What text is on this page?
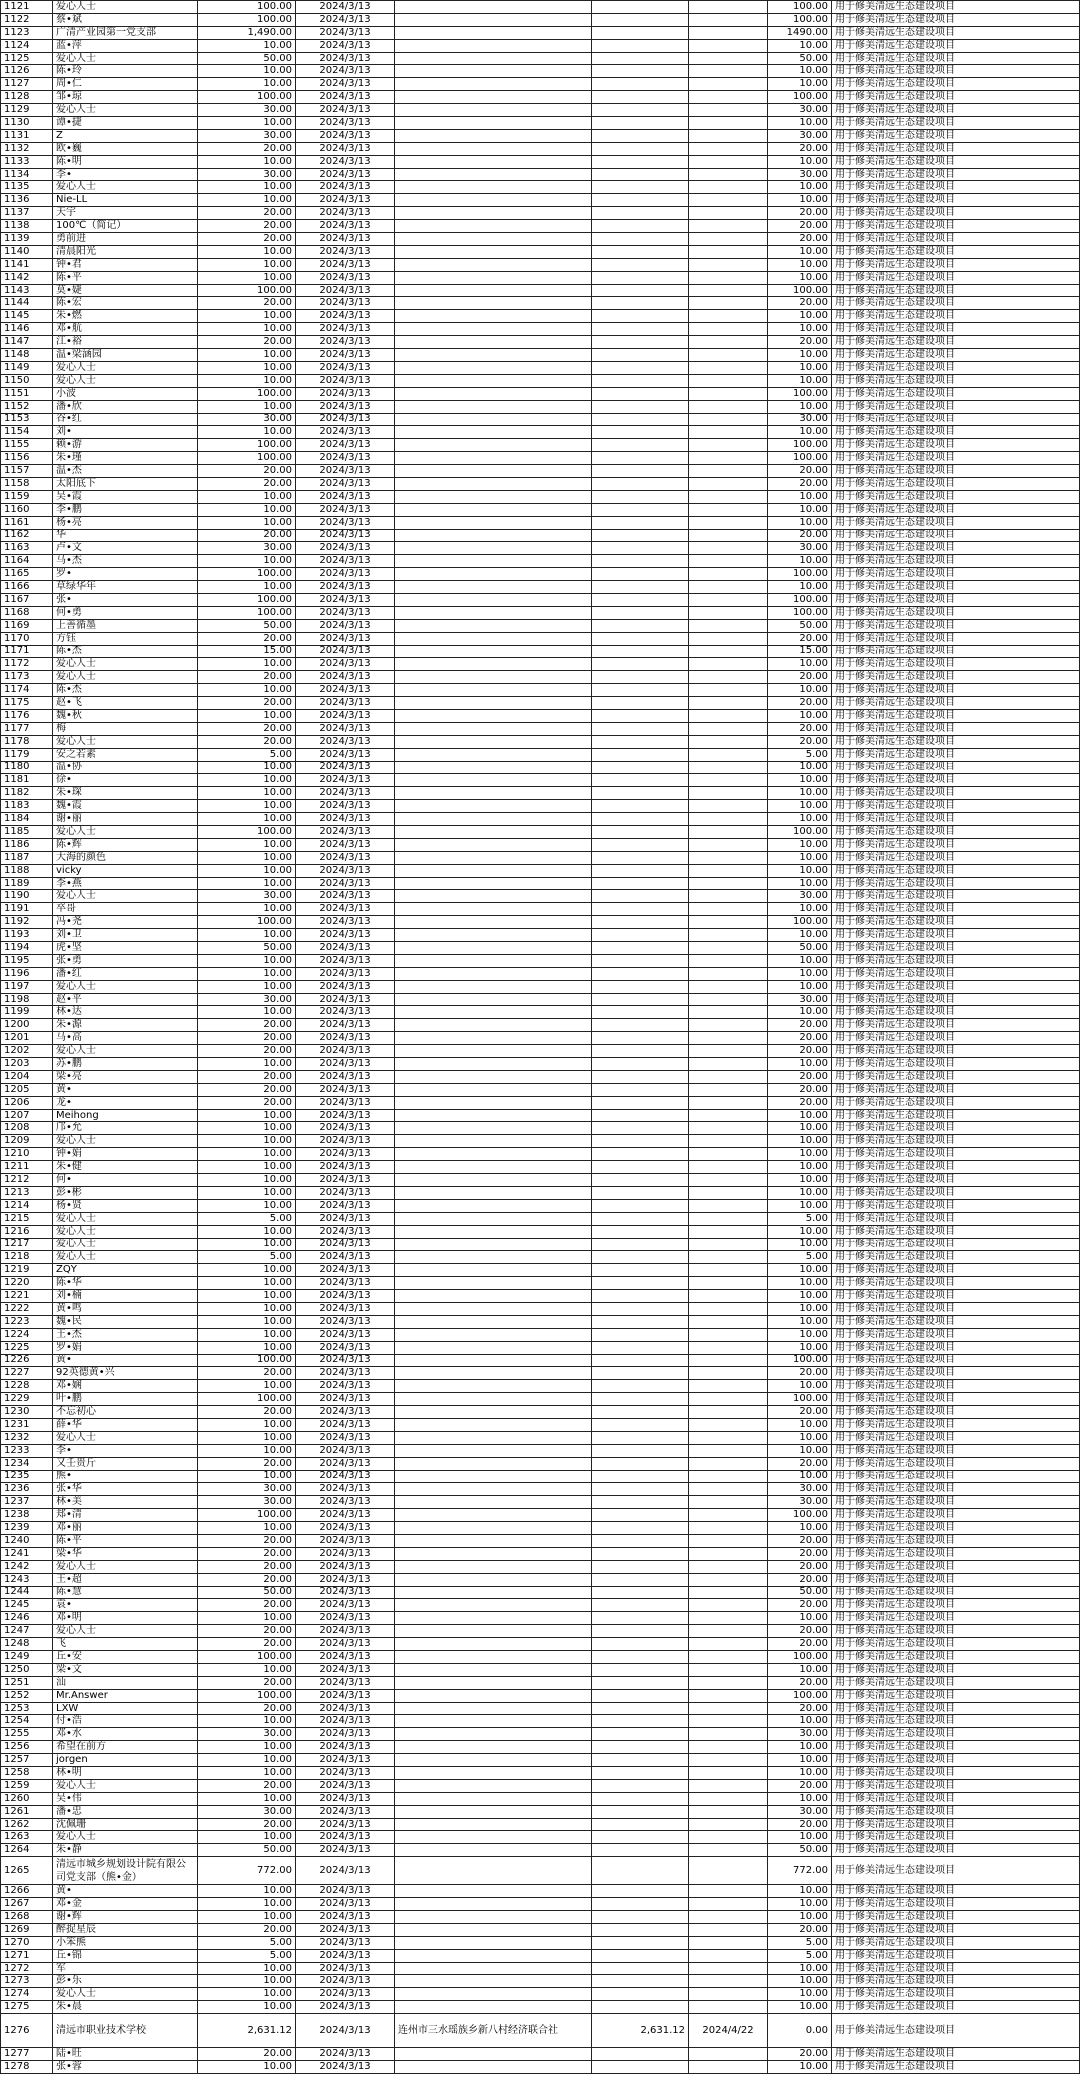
1121	爱心人士	100.00	2024/3/13				100.00	用于修美清远生态建设项目
1122	蔡•斌	100.00	2024/3/13				100.00	用于修美清远生态建设项目
1123	广清产业园第一党支部	1,490.00	2024/3/13				1490.00	用于修美清远生态建设项目
1124	蓝•萍	10.00	2024/3/13				10.00	用于修美清远生态建设项目
1125	爱心人士	50.00	2024/3/13				50.00	用于修美清远生态建设项目
1126	陈•玲	10.00	2024/3/13				10.00	用于修美清远生态建设项目
1127	周•仁	10.00	2024/3/13				10.00	用于修美清远生态建设项目
1128	邹•琼	100.00	2024/3/13				100.00	用于修美清远生态建设项目
1129	爱心人士	30.00	2024/3/13				30.00	用于修美清远生态建设项目
1130	谭•捷	10.00	2024/3/13				10.00	用于修美清远生态建设项目
1131	Z	30.00	2024/3/13				30.00	用于修美清远生态建设项目
1132	欧•巍	20.00	2024/3/13				20.00	用于修美清远生态建设项目
1133	陈•明	10.00	2024/3/13				10.00	用于修美清远生态建设项目
1134	李•	30.00	2024/3/13				30.00	用于修美清远生态建设项目
1135	爱心人士	10.00	2024/3/13				10.00	用于修美清远生态建设项目
1136	Nie-LL	10.00	2024/3/13				10.00	用于修美清远生态建设项目
1137	天宇	20.00	2024/3/13				20.00	用于修美清远生态建设项目
1138	100℃（简记）	20.00	2024/3/13				20.00	用于修美清远生态建设项目
1139	勇前进	20.00	2024/3/13				20.00	用于修美清远生态建设项目
1140	清晨阳光	10.00	2024/3/13				10.00	用于修美清远生态建设项目
1141	钟•君	10.00	2024/3/13				10.00	用于修美清远生态建设项目
1142	陈•平	10.00	2024/3/13				10.00	用于修美清远生态建设项目
1143	莫•婕	100.00	2024/3/13				100.00	用于修美清远生态建设项目
1144	陈•宏	20.00	2024/3/13				20.00	用于修美清远生态建设项目
1145	朱•燃	10.00	2024/3/13				10.00	用于修美清远生态建设项目
1146	邓•航	10.00	2024/3/13				10.00	用于修美清远生态建设项目
1147	江•裕	20.00	2024/3/13				20.00	用于修美清远生态建设项目
1148	温•梁涵园	10.00	2024/3/13				10.00	用于修美清远生态建设项目
1149	爱心人士	10.00	2024/3/13				10.00	用于修美清远生态建设项目
1150	爱心人士	10.00	2024/3/13				10.00	用于修美清远生态建设项目
1151	小波	100.00	2024/3/13				100.00	用于修美清远生态建设项目
1152	潘•欣	10.00	2024/3/13				10.00	用于修美清远生态建设项目
1153	谷•红	30.00	2024/3/13				30.00	用于修美清远生态建设项目
1154	刘•	10.00	2024/3/13				10.00	用于修美清远生态建设项目
1155	赖•游	100.00	2024/3/13				100.00	用于修美清远生态建设项目
1156	朱•瑾	100.00	2024/3/13				100.00	用于修美清远生态建设项目
1157	温•杰	20.00	2024/3/13				20.00	用于修美清远生态建设项目
1158	太阳底下	20.00	2024/3/13				20.00	用于修美清远生态建设项目
1159	吴•霞	10.00	2024/3/13				10.00	用于修美清远生态建设项目
1160	李•鹏	10.00	2024/3/13				10.00	用于修美清远生态建设项目
1161	杨•亮	10.00	2024/3/13				10.00	用于修美清远生态建设项目
1162	华	20.00	2024/3/13				20.00	用于修美清远生态建设项目
1163	卢•文	30.00	2024/3/13				30.00	用于修美清远生态建设项目
1164	马•杰	10.00	2024/3/13				10.00	用于修美清远生态建设项目
1165	罗•	100.00	2024/3/13				100.00	用于修美清远生态建设项目
1166	草绿华年	10.00	2024/3/13				10.00	用于修美清远生态建设项目
1167	张•	100.00	2024/3/13				100.00	用于修美清远生态建设项目
1168	何•勇	100.00	2024/3/13				100.00	用于修美清远生态建设项目
1169	上善循墨	50.00	2024/3/13				50.00	用于修美清远生态建设项目
1170	方钰	20.00	2024/3/13				20.00	用于修美清远生态建设项目
1171	陈•杰	15.00	2024/3/13				15.00	用于修美清远生态建设项目
1172	爱心人士	10.00	2024/3/13				10.00	用于修美清远生态建设项目
1173	爱心人士	20.00	2024/3/13				20.00	用于修美清远生态建设项目
1174	陈•杰	10.00	2024/3/13				10.00	用于修美清远生态建设项目
1175	赵•飞	20.00	2024/3/13				20.00	用于修美清远生态建设项目
1176	魏•秋	10.00	2024/3/13				10.00	用于修美清远生态建设项目
1177	梅	20.00	2024/3/13				20.00	用于修美清远生态建设项目
1178	爱心人士	20.00	2024/3/13				20.00	用于修美清远生态建设项目
1179	安之若素	5.00	2024/3/13				5.00	用于修美清远生态建设项目
1180	温•协	10.00	2024/3/13				10.00	用于修美清远生态建设项目
1181	徐•	10.00	2024/3/13				10.00	用于修美清远生态建设项目
1182	朱•琛	10.00	2024/3/13				10.00	用于修美清远生态建设项目
1183	魏•霞	10.00	2024/3/13				10.00	用于修美清远生态建设项目
1184	谢•丽	10.00	2024/3/13				10.00	用于修美清远生态建设项目
1185	爱心人士	100.00	2024/3/13				100.00	用于修美清远生态建设项目
1186	陈•辉	10.00	2024/3/13				10.00	用于修美清远生态建设项目
1187	大海的颜色	10.00	2024/3/13				10.00	用于修美清远生态建设项目
1188	vicky	10.00	2024/3/13				10.00	用于修美清远生态建设项目
1189	李•燕	10.00	2024/3/13				10.00	用于修美清远生态建设项目
1190	爱心人士	30.00	2024/3/13				30.00	用于修美清远生态建设项目
1191	卒哥	10.00	2024/3/13				10.00	用于修美清远生态建设项目
1192	冯•尧	100.00	2024/3/13				100.00	用于修美清远生态建设项目
1193	刘•卫	10.00	2024/3/13				10.00	用于修美清远生态建设项目
1194	虎•坚	50.00	2024/3/13				50.00	用于修美清远生态建设项目
1195	张•勇	10.00	2024/3/13				10.00	用于修美清远生态建设项目
1196	潘•红	10.00	2024/3/13				10.00	用于修美清远生态建设项目
1197	爱心人士	10.00	2024/3/13				10.00	用于修美清远生态建设项目
1198	赵•平	30.00	2024/3/13				30.00	用于修美清远生态建设项目
1199	林•达	10.00	2024/3/13				10.00	用于修美清远生态建设项目
1200	朱•源	20.00	2024/3/13				20.00	用于修美清远生态建设项目
1201	马•高	20.00	2024/3/13				20.00	用于修美清远生态建设项目
1202	爱心人士	20.00	2024/3/13				20.00	用于修美清远生态建设项目
1203	苏•鹏	10.00	2024/3/13				10.00	用于修美清远生态建设项目
1204	梁•亮	20.00	2024/3/13				20.00	用于修美清远生态建设项目
1205	黄•	20.00	2024/3/13				20.00	用于修美清远生态建设项目
1206	龙•	20.00	2024/3/13				20.00	用于修美清远生态建设项目
1207	Meihong	10.00	2024/3/13				10.00	用于修美清远生态建设项目
1208	邝•允	10.00	2024/3/13				10.00	用于修美清远生态建设项目
1209	爱心人士	10.00	2024/3/13				10.00	用于修美清远生态建设项目
1210	钟•娟	10.00	2024/3/13				10.00	用于修美清远生态建设项目
1211	朱•健	10.00	2024/3/13				10.00	用于修美清远生态建设项目
1212	何•	10.00	2024/3/13				10.00	用于修美清远生态建设项目
1213	彭•彬	10.00	2024/3/13				10.00	用于修美清远生态建设项目
1214	杨•贤	10.00	2024/3/13				10.00	用于修美清远生态建设项目
1215	爱心人士	5.00	2024/3/13				5.00	用于修美清远生态建设项目
1216	爱心人士	10.00	2024/3/13				10.00	用于修美清远生态建设项目
1217	爱心人士	10.00	2024/3/13				10.00	用于修美清远生态建设项目
1218	爱心人士	5.00	2024/3/13				5.00	用于修美清远生态建设项目
1219	ZQY	10.00	2024/3/13				10.00	用于修美清远生态建设项目
1220	陈•华	10.00	2024/3/13				10.00	用于修美清远生态建设项目
1221	刘•楠	10.00	2024/3/13				10.00	用于修美清远生态建设项目
1222	黄•鸣	10.00	2024/3/13				10.00	用于修美清远生态建设项目
1223	魏•民	10.00	2024/3/13				10.00	用于修美清远生态建设项目
1224	王•杰	10.00	2024/3/13				10.00	用于修美清远生态建设项目
1225	罗•娟	10.00	2024/3/13				10.00	用于修美清远生态建设项目
1226	黄•	100.00	2024/3/13				100.00	用于修美清远生态建设项目
1227	92英德黄•兴	20.00	2024/3/13				20.00	用于修美清远生态建设项目
1228	邓•娴	10.00	2024/3/13				10.00	用于修美清远生态建设项目
1229	叶•鹏	100.00	2024/3/13				100.00	用于修美清远生态建设项目
1230	不忘初心	20.00	2024/3/13				20.00	用于修美清远生态建设项目
1231	薛•华	10.00	2024/3/13				10.00	用于修美清远生态建设项目
1232	爱心人士	10.00	2024/3/13				10.00	用于修美清远生态建设项目
1233	李•	10.00	2024/3/13				10.00	用于修美清远生态建设项目
1234	又壬贵斤	20.00	2024/3/13				20.00	用于修美清远生态建设项目
1235	熊•	10.00	2024/3/13				10.00	用于修美清远生态建设项目
1236	张•华	30.00	2024/3/13				30.00	用于修美清远生态建设项目
1237	林•美	30.00	2024/3/13				30.00	用于修美清远生态建设项目
1238	郑•清	100.00	2024/3/13				100.00	用于修美清远生态建设项目
1239	邓•丽	10.00	2024/3/13				10.00	用于修美清远生态建设项目
1240	陈•平	20.00	2024/3/13				20.00	用于修美清远生态建设项目
1241	梁•华	20.00	2024/3/13				20.00	用于修美清远生态建设项目
1242	爱心人士	20.00	2024/3/13				20.00	用于修美清远生态建设项目
1243	王•超	20.00	2024/3/13				20.00	用于修美清远生态建设项目
1244	陈•慧	50.00	2024/3/13				50.00	用于修美清远生态建设项目
1245	袁•	20.00	2024/3/13				20.00	用于修美清远生态建设项目
1246	邓•明	10.00	2024/3/13				10.00	用于修美清远生态建设项目
1247	爱心人士	20.00	2024/3/13				20.00	用于修美清远生态建设项目
1248	飞	20.00	2024/3/13				20.00	用于修美清远生态建设项目
1249	丘•安	100.00	2024/3/13				100.00	用于修美清远生态建设项目
1250	梁•文	10.00	2024/3/13				10.00	用于修美清远生态建设项目
1251	汕	20.00	2024/3/13				20.00	用于修美清远生态建设项目
1252	Mr.Answer	100.00	2024/3/13				100.00	用于修美清远生态建设项目
1253	LXW	20.00	2024/3/13				20.00	用于修美清远生态建设项目
1254	付•浩	10.00	2024/3/13				10.00	用于修美清远生态建设项目
1255	邓•水	30.00	2024/3/13				30.00	用于修美清远生态建设项目
1256	希望在前方	10.00	2024/3/13				10.00	用于修美清远生态建设项目
1257	jorgen	10.00	2024/3/13				10.00	用于修美清远生态建设项目
1258	林•明	10.00	2024/3/13				10.00	用于修美清远生态建设项目
1259	爱心人士	20.00	2024/3/13				20.00	用于修美清远生态建设项目
1260	吴•伟	10.00	2024/3/13				10.00	用于修美清远生态建设项目
1261	潘•忠	30.00	2024/3/13				30.00	用于修美清远生态建设项目
1262	沈佩珊	20.00	2024/3/13				20.00	用于修美清远生态建设项目
1263	爱心人士	10.00	2024/3/13				10.00	用于修美清远生态建设项目
1264	朱•静	50.00	2024/3/13				50.00	用于修美清远生态建设项目
1265	清远市城乡规划设计院有限公司党支部（熊•金）	772.00	2024/3/13				772.00	用于修美清远生态建设项目
1266	黄•	10.00	2024/3/13				10.00	用于修美清远生态建设项目
1267	邓•金	10.00	2024/3/13				10.00	用于修美清远生态建设项目
1268	谢•辉	10.00	2024/3/13				10.00	用于修美清远生态建设项目
1269	醉捉星辰	20.00	2024/3/13				20.00	用于修美清远生态建设项目
1270	小笨熊	5.00	2024/3/13				5.00	用于修美清远生态建设项目
1271	丘•锦	5.00	2024/3/13				5.00	用于修美清远生态建设项目
1272	军	10.00	2024/3/13				10.00	用于修美清远生态建设项目
1273	彭•乐	10.00	2024/3/13				10.00	用于修美清远生态建设项目
1274	爱心人士	10.00	2024/3/13				10.00	用于修美清远生态建设项目
1275	朱•晨	10.00	2024/3/13				10.00	用于修美清远生态建设项目
1276	清远市职业技术学校	2,631.12	2024/3/13	连州市三水瑶族乡新八村经济联合社	2,631.12	2024/4/22	0.00	用于修美清远生态建设项目
1277	陆•旺	20.00	2024/3/13				20.00	用于修美清远生态建设项目
1278	张•蓉	10.00	2024/3/13				10.00	用于修美清远生态建设项目
